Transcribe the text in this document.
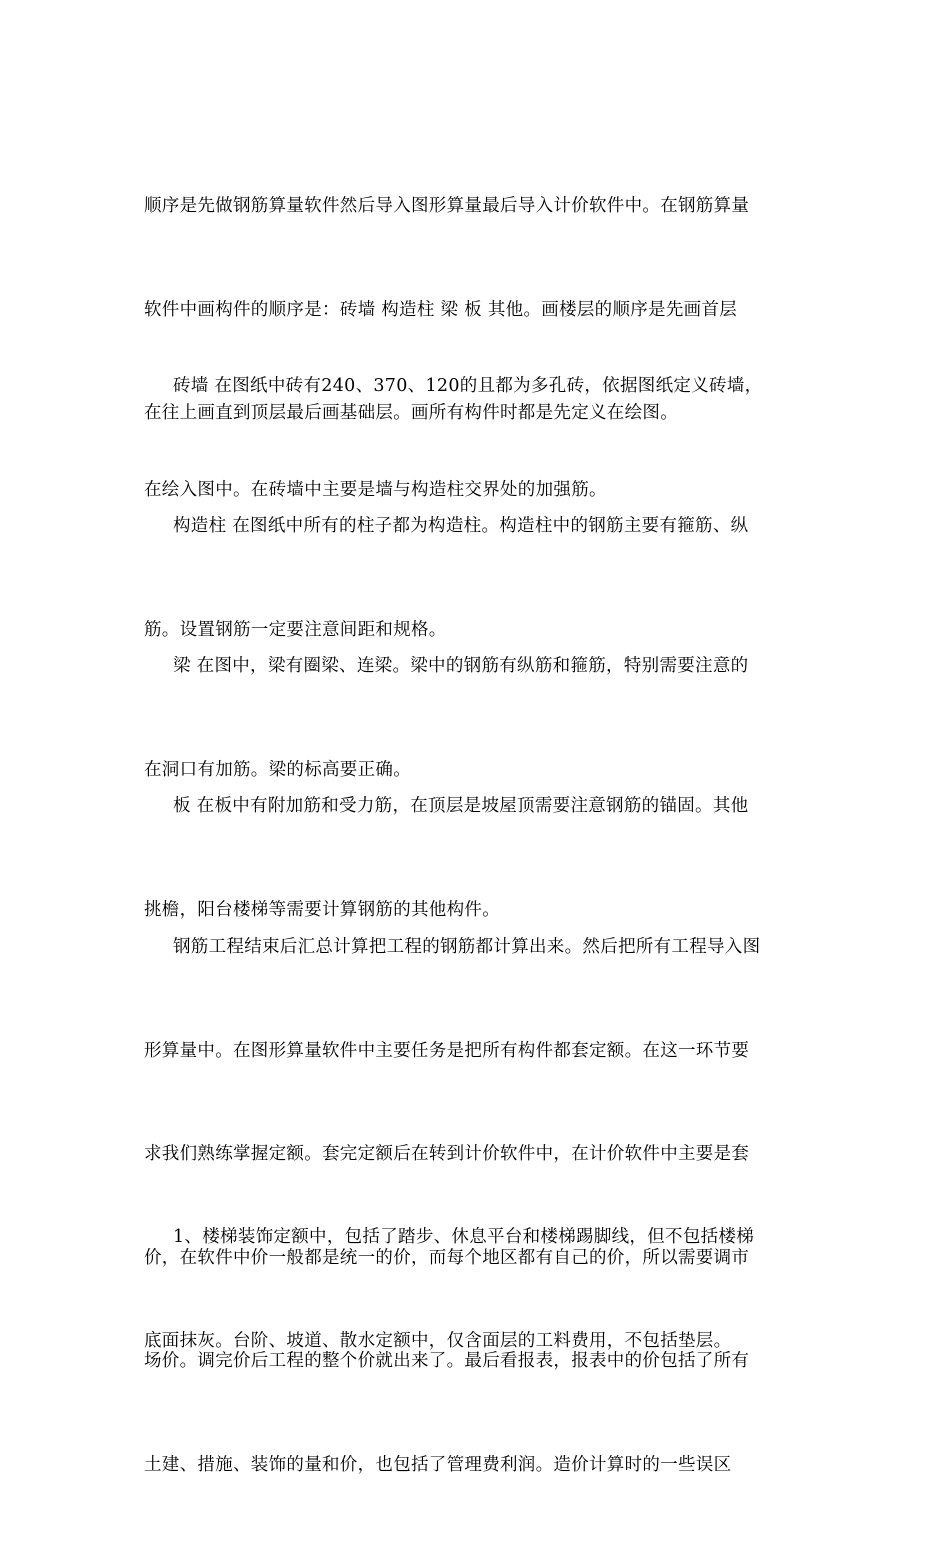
顺序是先做钢筋算量软件然后导入图形算量最后导入计价软件中。在钢筋算量

软件中画构件的顺序是：砖墙 构造柱 梁 板 其他。画楼层的顺序是先画首层

在往上画直到顶层最后画基础层。画所有构件时都是先定义在绘图。

砖墙 在图纸中砖有240、370、120的且都为多孔砖，依据图纸定义砖墙，

在绘入图中。在砖墙中主要是墙与构造柱交界处的加强筋。

构造柱 在图纸中所有的柱子都为构造柱。构造柱中的钢筋主要有箍筋、纵

筋。设置钢筋一定要注意间距和规格。

梁 在图中，梁有圈梁、连梁。梁中的钢筋有纵筋和箍筋，特别需要注意的

在洞口有加筋。梁的标高要正确。

板 在板中有附加筋和受力筋，在顶层是坡屋顶需要注意钢筋的锚固。其他

挑檐，阳台楼梯等需要计算钢筋的其他构件。

钢筋工程结束后汇总计算把工程的钢筋都计算出来。然后把所有工程导入图

形算量中。在图形算量软件中主要任务是把所有构件都套定额。在这一环节要

求我们熟练掌握定额。套完定额后在转到计价软件中，在计价软件中主要是套

价，在软件中价一般都是统一的价，而每个地区都有自己的价，所以需要调市

场价。调完价后工程的整个价就出来了。最后看报表，报表中的价包括了所有

土建、措施、装饰的量和价，也包括了管理费利润。造价计算时的一些误区

1、楼梯装饰定额中，包括了踏步、休息平台和楼梯踢脚线，但不包括楼梯

底面抹灰。台阶、坡道、散水定额中，仅含面层的工料费用，不包括垫层。
